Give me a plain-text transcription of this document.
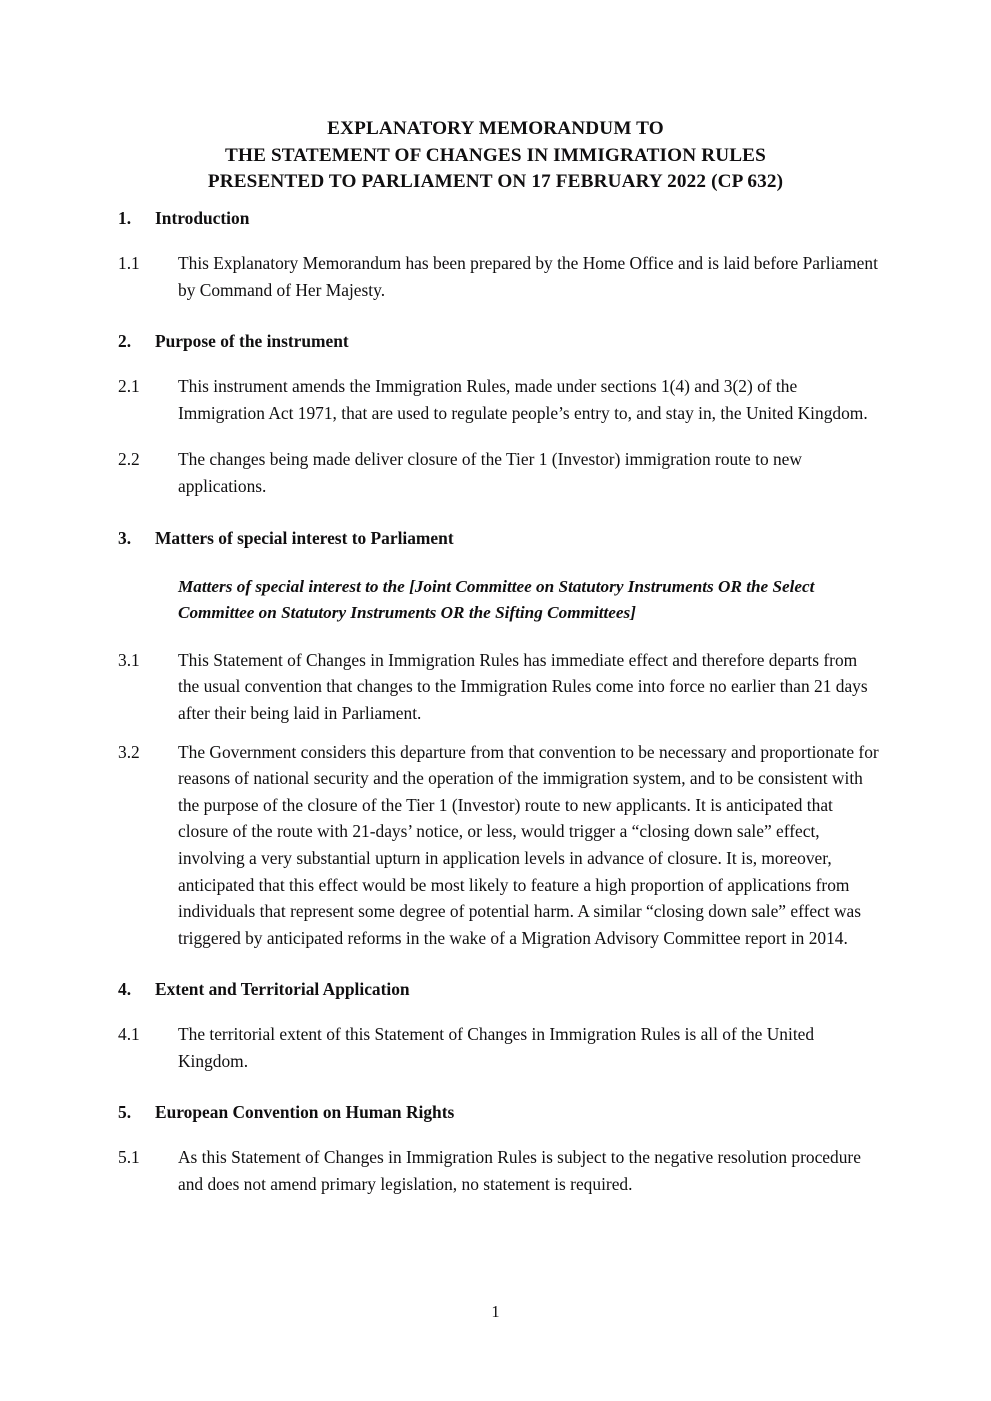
EXPLANATORY MEMORANDUM TO
THE STATEMENT OF CHANGES IN IMMIGRATION RULES
PRESENTED TO PARLIAMENT ON 17 FEBRUARY 2022 (CP 632)
1. Introduction
1.1 This Explanatory Memorandum has been prepared by the Home Office and is laid before Parliament by Command of Her Majesty.
2. Purpose of the instrument
2.1 This instrument amends the Immigration Rules, made under sections 1(4) and 3(2) of the Immigration Act 1971, that are used to regulate people’s entry to, and stay in, the United Kingdom.
2.2 The changes being made deliver closure of the Tier 1 (Investor) immigration route to new applications.
3. Matters of special interest to Parliament
Matters of special interest to the [Joint Committee on Statutory Instruments OR the Select Committee on Statutory Instruments OR the Sifting Committees]
3.1 This Statement of Changes in Immigration Rules has immediate effect and therefore departs from the usual convention that changes to the Immigration Rules come into force no earlier than 21 days after their being laid in Parliament.
3.2 The Government considers this departure from that convention to be necessary and proportionate for reasons of national security and the operation of the immigration system, and to be consistent with the purpose of the closure of the Tier 1 (Investor) route to new applicants. It is anticipated that closure of the route with 21-days’ notice, or less, would trigger a “closing down sale” effect, involving a very substantial upturn in application levels in advance of closure. It is, moreover, anticipated that this effect would be most likely to feature a high proportion of applications from individuals that represent some degree of potential harm. A similar “closing down sale” effect was triggered by anticipated reforms in the wake of a Migration Advisory Committee report in 2014.
4. Extent and Territorial Application
4.1 The territorial extent of this Statement of Changes in Immigration Rules is all of the United Kingdom.
5. European Convention on Human Rights
5.1 As this Statement of Changes in Immigration Rules is subject to the negative resolution procedure and does not amend primary legislation, no statement is required.
1
